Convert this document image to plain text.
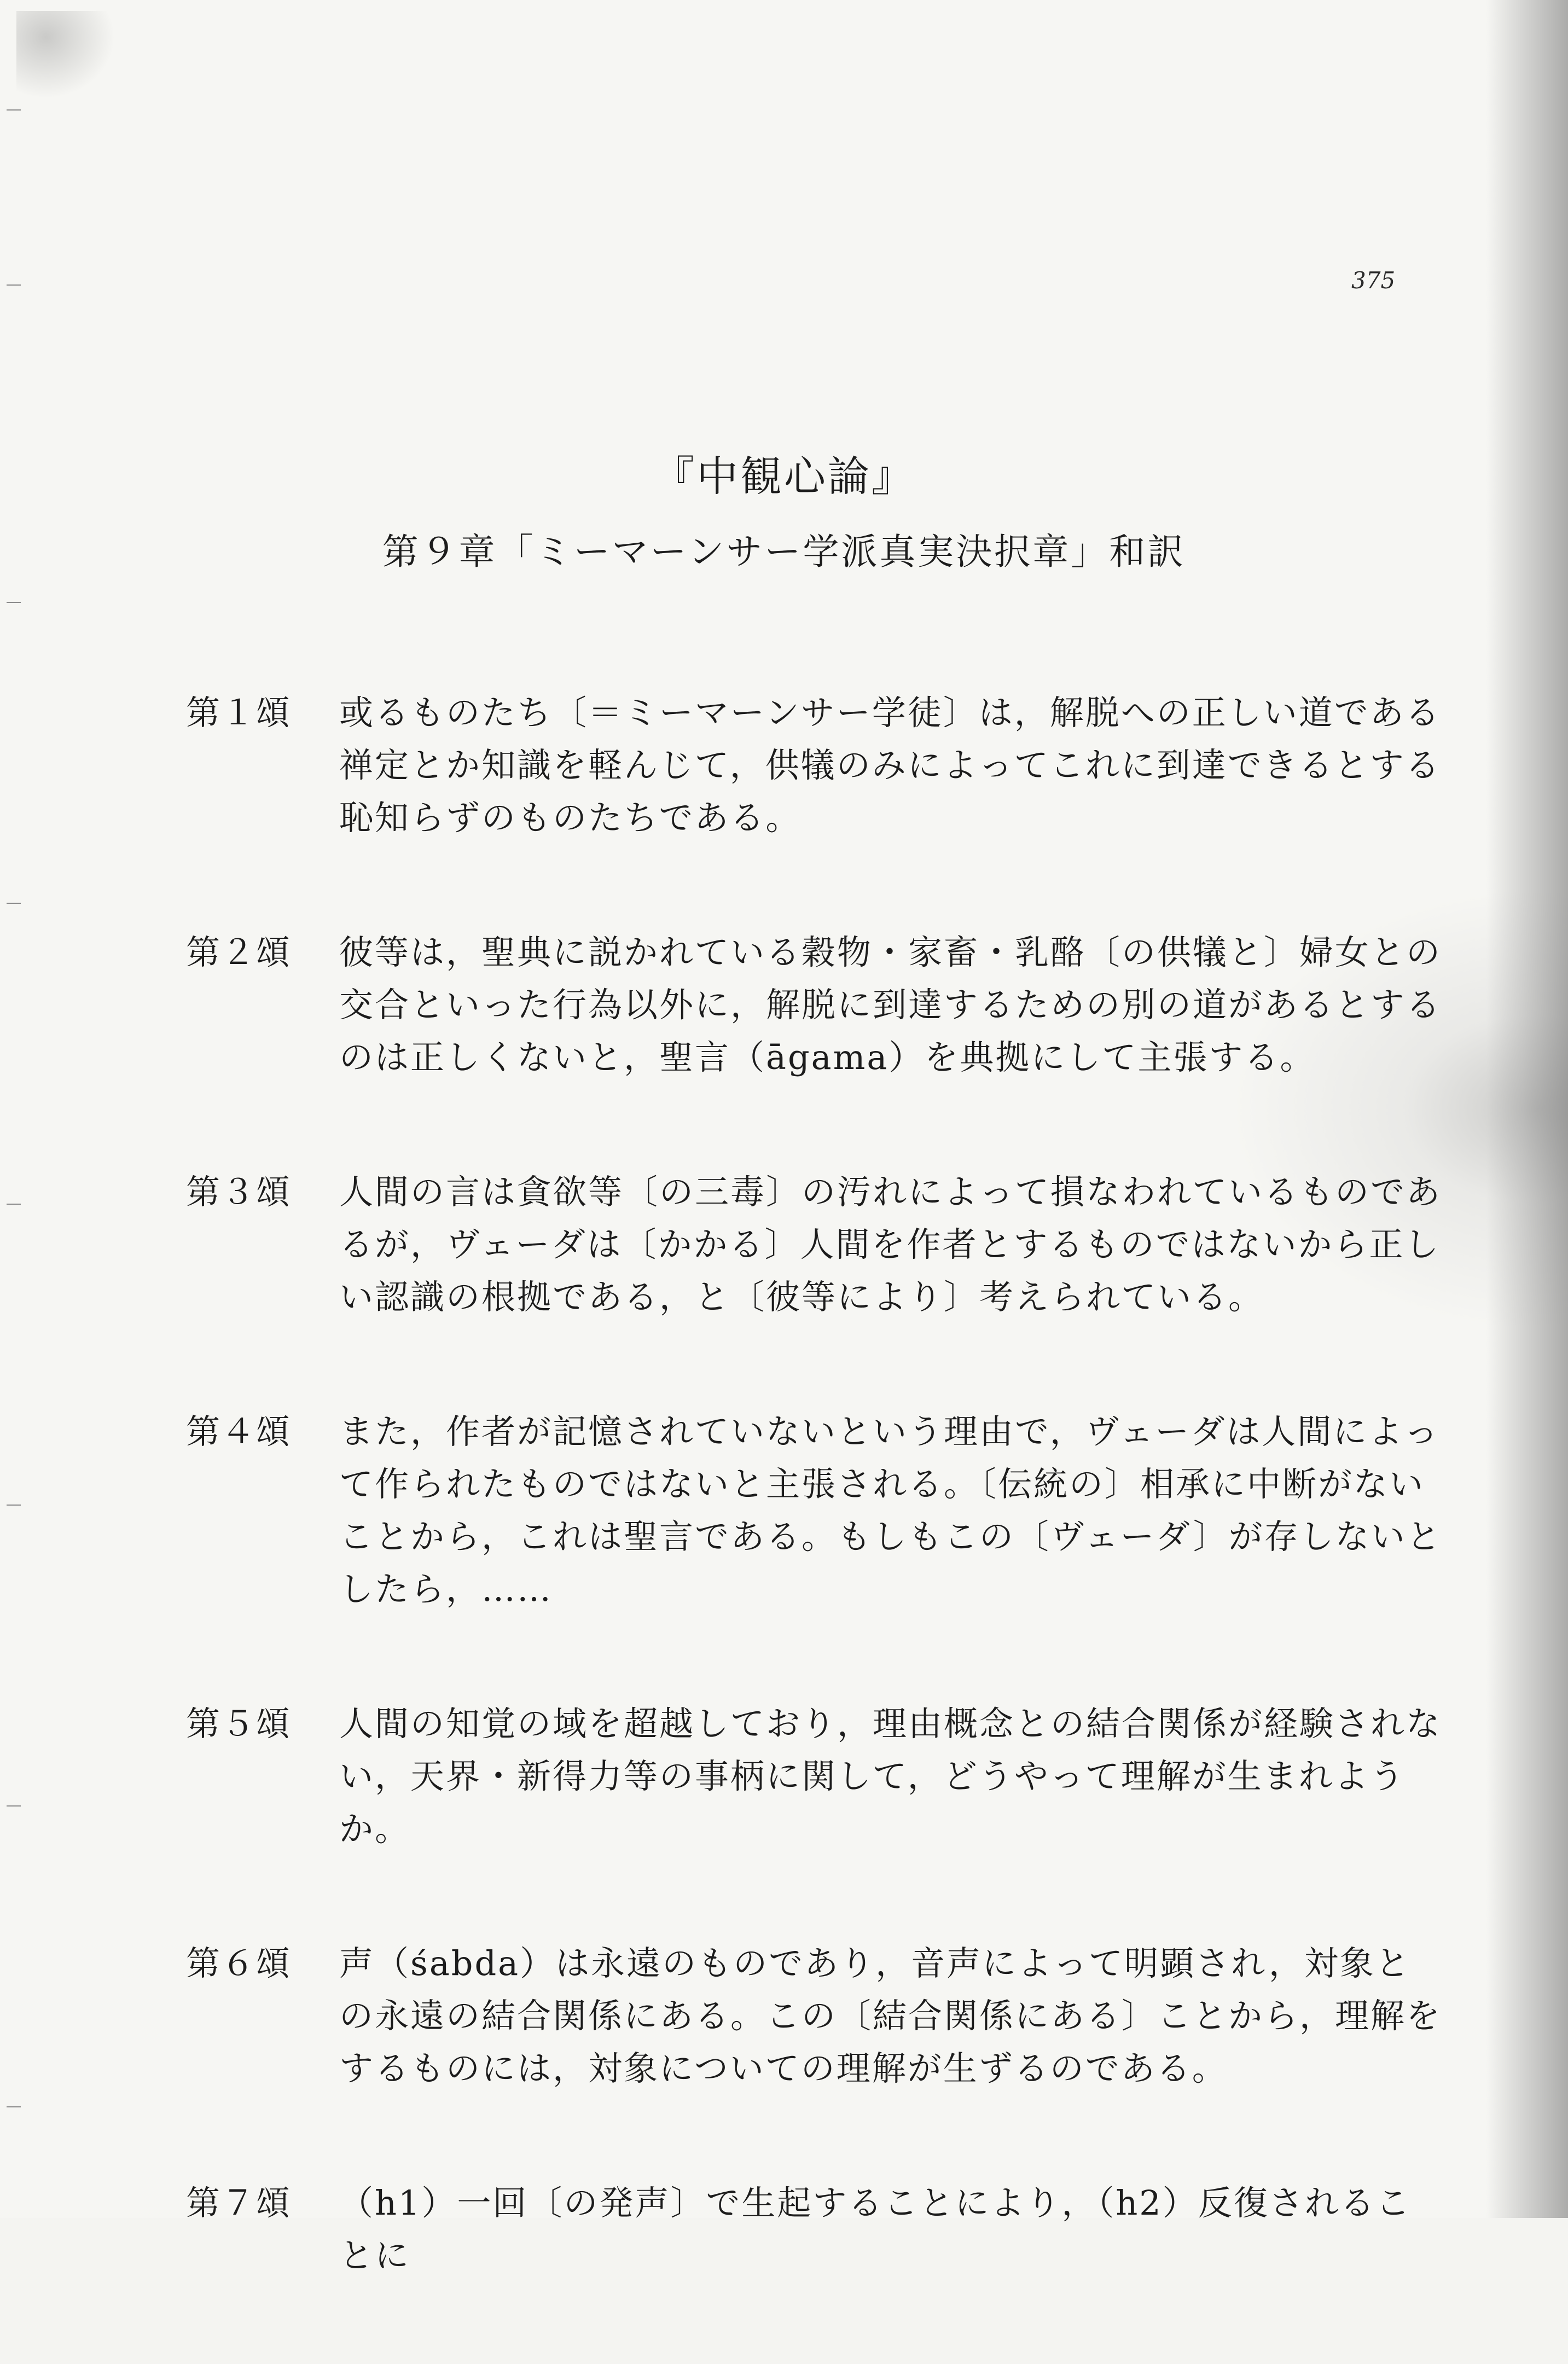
375
『中観心論』
第９章「ミーマーンサー学派真実決択章」和訳
第１頌 或るものたち〔＝ミーマーンサー学徒〕は，解脱への正しい道である禅定とか知識を軽んじて，供犠のみによってこれに到達できるとする恥知らずのものたちである。
第２頌 彼等は，聖典に説かれている穀物・家畜・乳酪〔の供犠と〕婦女との交合といった行為以外に，解脱に到達するための別の道があるとするのは正しくないと，聖言（āgama）を典拠にして主張する。
第３頌 人間の言は貪欲等〔の三毒〕の汚れによって損なわれているものであるが，ヴェーダは〔かかる〕人間を作者とするものではないから正しい認識の根拠である，と〔彼等により〕考えられている。
第４頌 また，作者が記憶されていないという理由で，ヴェーダは人間によって作られたものではないと主張される。〔伝統の〕相承に中断がないことから，これは聖言である。もしもこの〔ヴェーダ〕が存しないとしたら，……
第５頌 人間の知覚の域を超越しており，理由概念との結合関係が経験されない，天界・新得力等の事柄に関して，どうやって理解が生まれようか。
第６頌 声（śabda）は永遠のものであり，音声によって明顕され，対象との永遠の結合関係にある。この〔結合関係にある〕ことから，理解をするものには，対象についての理解が生ずるのである。
第７頌 （h1）一回〔の発声〕で生起することにより，（h2）反復されることに
